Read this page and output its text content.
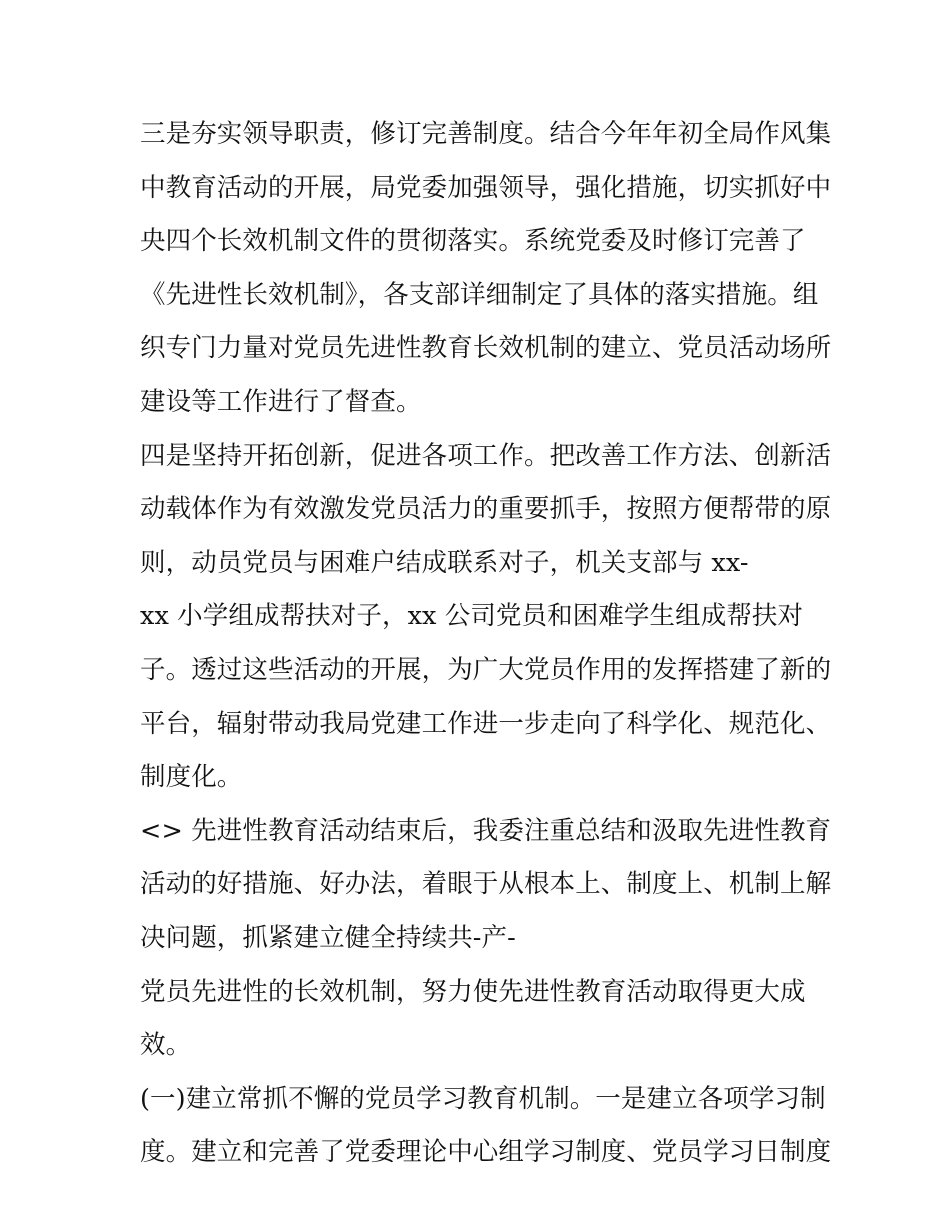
三是夯实领导职责，修订完善制度。结合今年年初全局作风集
中教育活动的开展，局党委加强领导，强化措施，切实抓好中
央四个长效机制文件的贯彻落实。系统党委及时修订完善了
《先进性长效机制》，各支部详细制定了具体的落实措施。组
织专门力量对党员先进性教育长效机制的建立、党员活动场所
建设等工作进行了督查。
四是坚持开拓创新，促进各项工作。把改善工作方法、创新活
动载体作为有效激发党员活力的重要抓手，按照方便帮带的原
则，动员党员与困难户结成联系对子，机关支部与 xx-
xx 小学组成帮扶对子，xx 公司党员和困难学生组成帮扶对
子。透过这些活动的开展，为广大党员作用的发挥搭建了新的
平台，辐射带动我局党建工作进一步走向了科学化、规范化、
制度化。
<> 先进性教育活动结束后，我委注重总结和汲取先进性教育
活动的好措施、好办法，着眼于从根本上、制度上、机制上解
决问题，抓紧建立健全持续共-产-
党员先进性的长效机制，努力使先进性教育活动取得更大成
效。
(一)建立常抓不懈的党员学习教育机制。一是建立各项学习制
度。建立和完善了党委理论中心组学习制度、党员学习日制度
